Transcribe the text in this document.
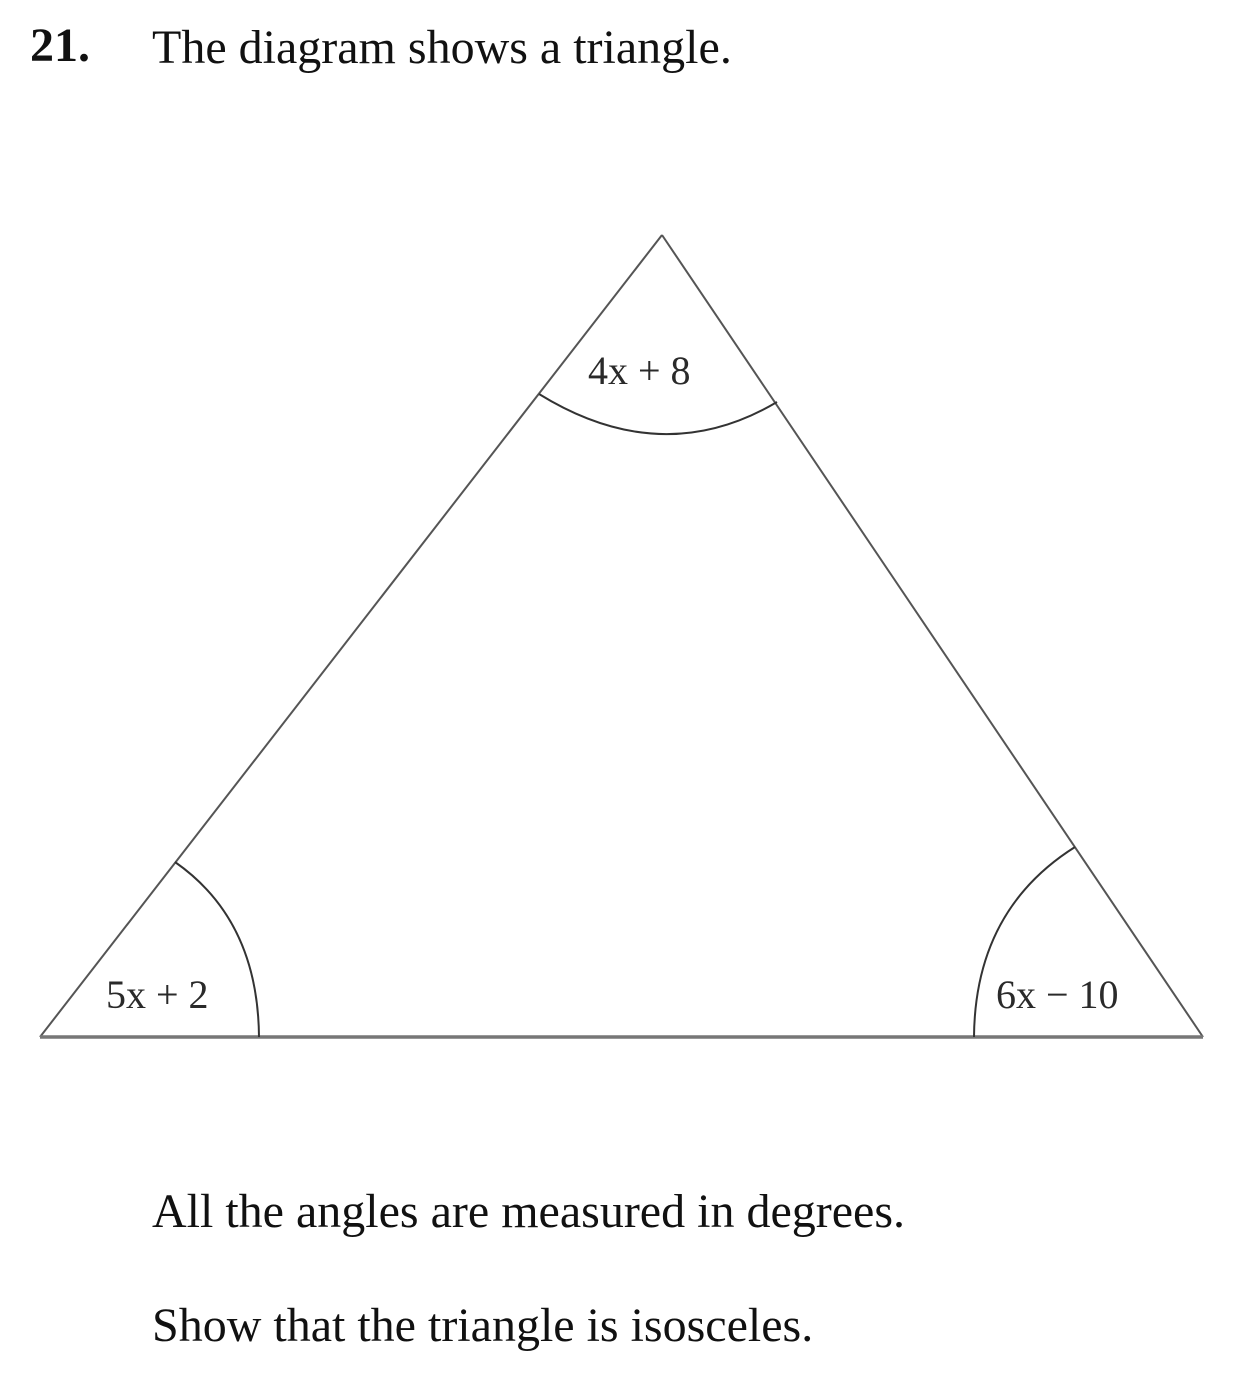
21. The diagram shows a triangle.
4x + 8
5x + 2	6x − 10
All the angles are measured in degrees.
Show that the triangle is isosceles.
